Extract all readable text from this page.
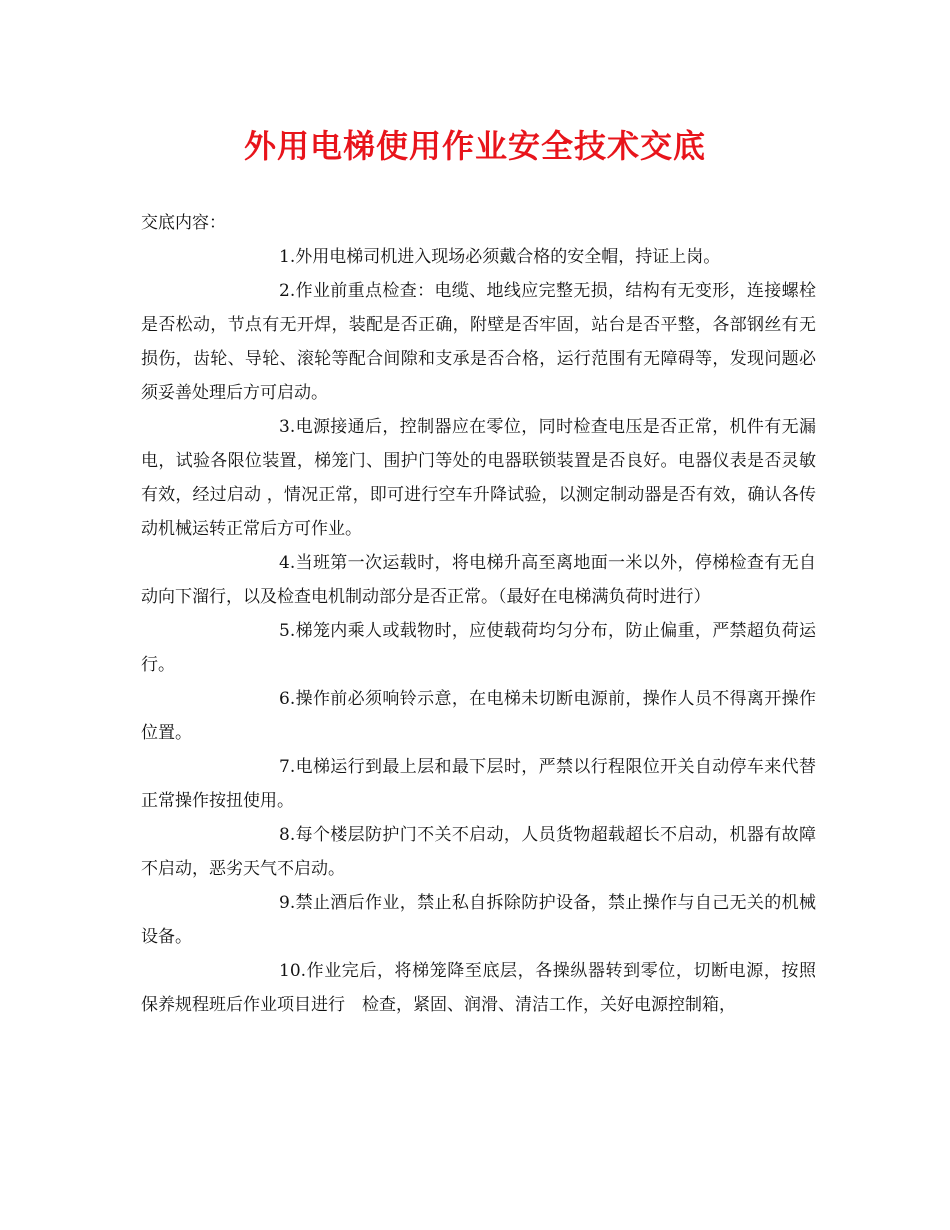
外用电梯使用作业安全技术交底

交底内容：

1.外用电梯司机进入现场必须戴合格的安全帽，持证上岗。

2.作业前重点检查：电缆、地线应完整无损，结构有无变形，连接螺栓是否松动，节点有无开焊，装配是否正确，附壁是否牢固，站台是否平整，各部钢丝有无损伤，齿轮、导轮、滚轮等配合间隙和支承是否合格，运行范围有无障碍等，发现问题必须妥善处理后方可启动。

3.电源接通后，控制器应在零位，同时检查电压是否正常，机件有无漏电，试验各限位装置，梯笼门、围护门等处的电器联锁装置是否良好。电器仪表是否灵敏有效，经过启动 ，情况正常，即可进行空车升降试验，以测定制动器是否有效，确认各传动机械运转正常后方可作业。

4.当班第一次运载时，将电梯升高至离地面一米以外，停梯检查有无自动向下溜行，以及检查电机制动部分是否正常。（最好在电梯满负荷时进行）

5.梯笼内乘人或载物时，应使载荷均匀分布，防止偏重，严禁超负荷运行。

6.操作前必须响铃示意，在电梯未切断电源前，操作人员不得离开操作位置。

7.电梯运行到最上层和最下层时，严禁以行程限位开关自动停车来代替正常操作按扭使用。

8.每个楼层防护门不关不启动，人员货物超载超长不启动，机器有故障不启动，恶劣天气不启动。

9.禁止酒后作业，禁止私自拆除防护设备，禁止操作与自己无关的机械设备。

10.作业完后，将梯笼降至底层，各操纵器转到零位，切断电源，按照保养规程班后作业项目进行　检查，紧固、润滑、清洁工作，关好电源控制箱，
